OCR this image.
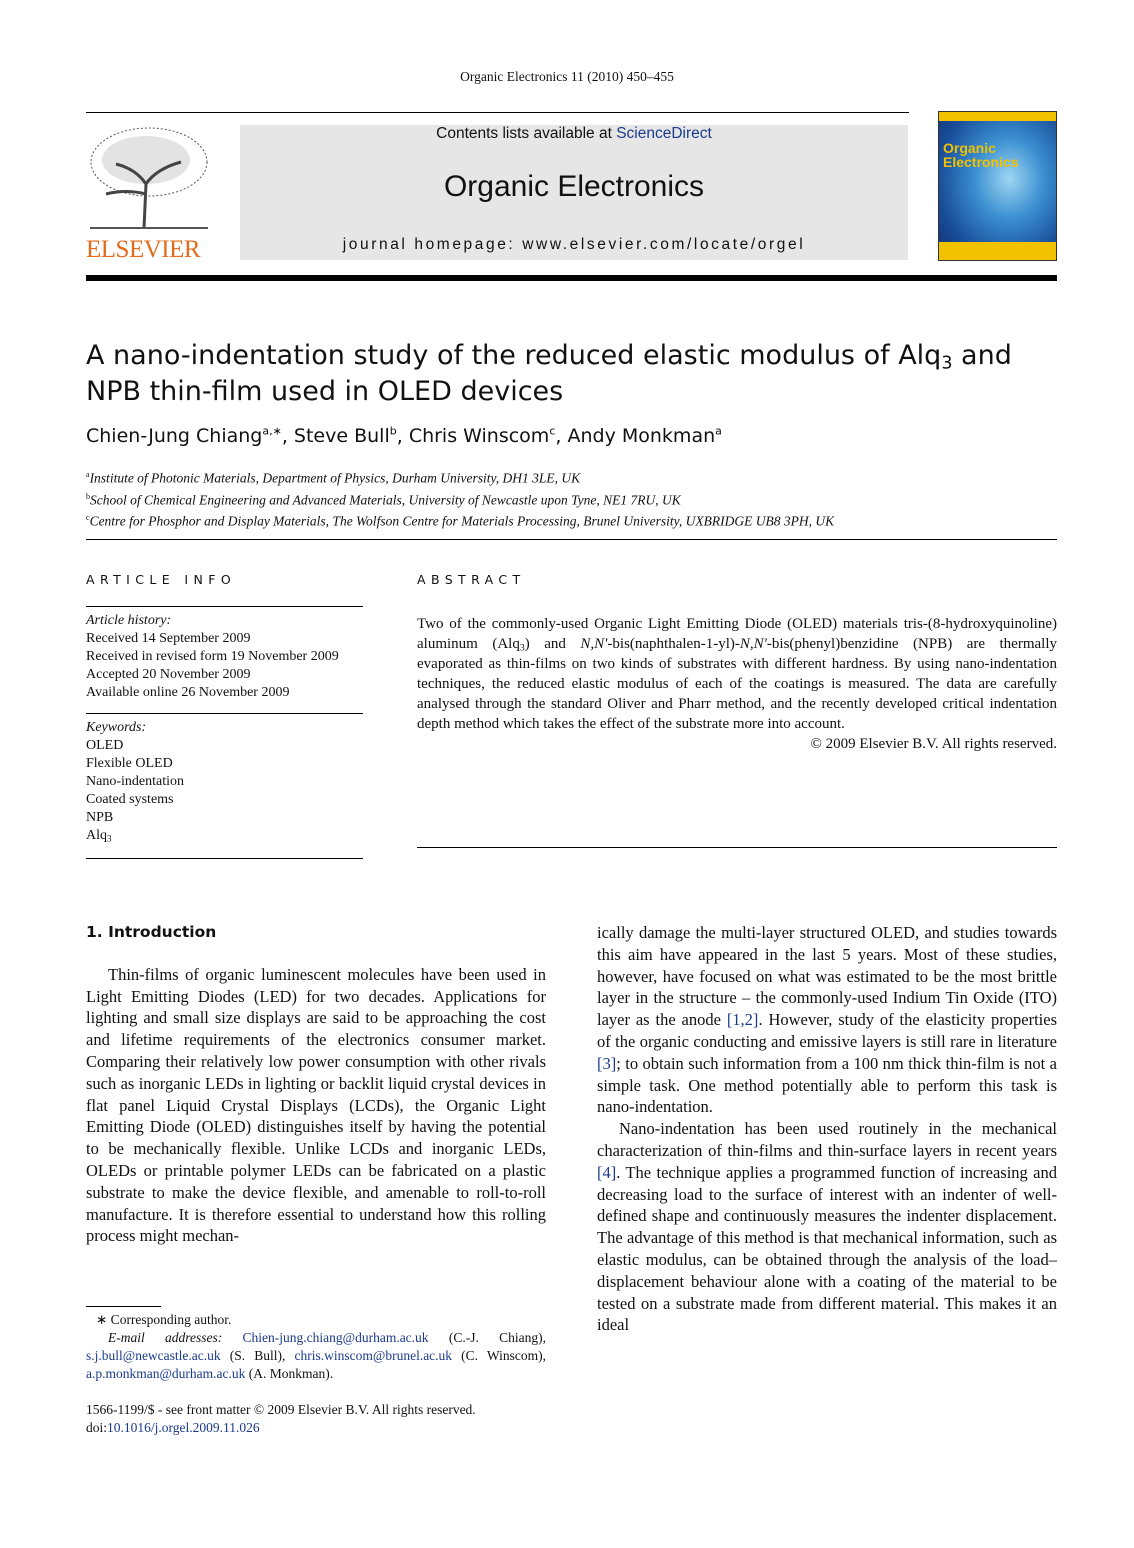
Organic Electronics 11 (2010) 450–455
ELSEVIER
Contents lists available at ScienceDirect
Organic Electronics
journal homepage: www.elsevier.com/locate/orgel
Organic Electronics
A nano-indentation study of the reduced elastic modulus of Alq$_3$ and NPB thin-film used in OLED devices
Chien-Jung Chiang$^{a,∗}$, Steve Bull$^b$, Chris Winscom$^c$, Andy Monkman$^a$
$^a$Institute of Photonic Materials, Department of Physics, Durham University, DH1 3LE, UK
$^b$School of Chemical Engineering and Advanced Materials, University of Newcastle upon Tyne, NE1 7RU, UK
$^c$Centre for Phosphor and Display Materials, The Wolfson Centre for Materials Processing, Brunel University, UXBRIDGE UB8 3PH, UK
ARTICLE INFO
Article history:
Received 14 September 2009
Received in revised form 19 November 2009
Accepted 20 November 2009
Available online 26 November 2009
Keywords:
OLED
Flexible OLED
Nano-indentation
Coated systems
NPB
Alq$_3$
ABSTRACT
Two of the commonly-used Organic Light Emitting Diode (OLED) materials tris-(8-hydroxyquinoline) aluminum (Alq$_3$) and N,N′-bis(naphthalen-1-yl)-N,N′-bis(phenyl)benzidine (NPB) are thermally evaporated as thin-films on two kinds of substrates with different hardness. By using nano-indentation techniques, the reduced elastic modulus of each of the coatings is measured. The data are carefully analysed through the standard Oliver and Pharr method, and the recently developed critical indentation depth method which takes the effect of the substrate more into account.
© 2009 Elsevier B.V. All rights reserved.
1. Introduction

Thin-films of organic luminescent molecules have been used in Light Emitting Diodes (LED) for two decades. Applications for lighting and small size displays are said to be approaching the cost and lifetime requirements of the electronics consumer market. Comparing their relatively low power consumption with other rivals such as inorganic LEDs in lighting or backlit liquid crystal devices in flat panel Liquid Crystal Displays (LCDs), the Organic Light Emitting Diode (OLED) distinguishes itself by having the potential to be mechanically flexible. Unlike LCDs and inorganic LEDs, OLEDs or printable polymer LEDs can be fabricated on a plastic substrate to make the device flexible, and amenable to roll-to-roll manufacture. It is therefore essential to understand how this rolling process might mechan-

ically damage the multi-layer structured OLED, and studies towards this aim have appeared in the last 5 years. Most of these studies, however, have focused on what was estimated to be the most brittle layer in the structure – the commonly-used Indium Tin Oxide (ITO) layer as the anode [1,2]. However, study of the elasticity properties of the organic conducting and emissive layers is still rare in literature [3]; to obtain such information from a 100 nm thick thin-film is not a simple task. One method potentially able to perform this task is nano-indentation.

Nano-indentation has been used routinely in the mechanical characterization of thin-films and thin-surface layers in recent years [4]. The technique applies a programmed function of increasing and decreasing load to the surface of interest with an indenter of well-defined shape and continuously measures the indenter displacement. The advantage of this method is that mechanical information, such as elastic modulus, can be obtained through the analysis of the load–displacement behaviour alone with a coating of the material to be tested on a substrate made from different material. This makes it an ideal

∗ Corresponding author.
E-mail addresses: Chien-jung.chiang@durham.ac.uk (C.-J. Chiang), s.j.bull@newcastle.ac.uk (S. Bull), chris.winscom@brunel.ac.uk (C. Winscom), a.p.monkman@durham.ac.uk (A. Monkman).
1566-1199/$ - see front matter © 2009 Elsevier B.V. All rights reserved.
doi:10.1016/j.orgel.2009.11.026
